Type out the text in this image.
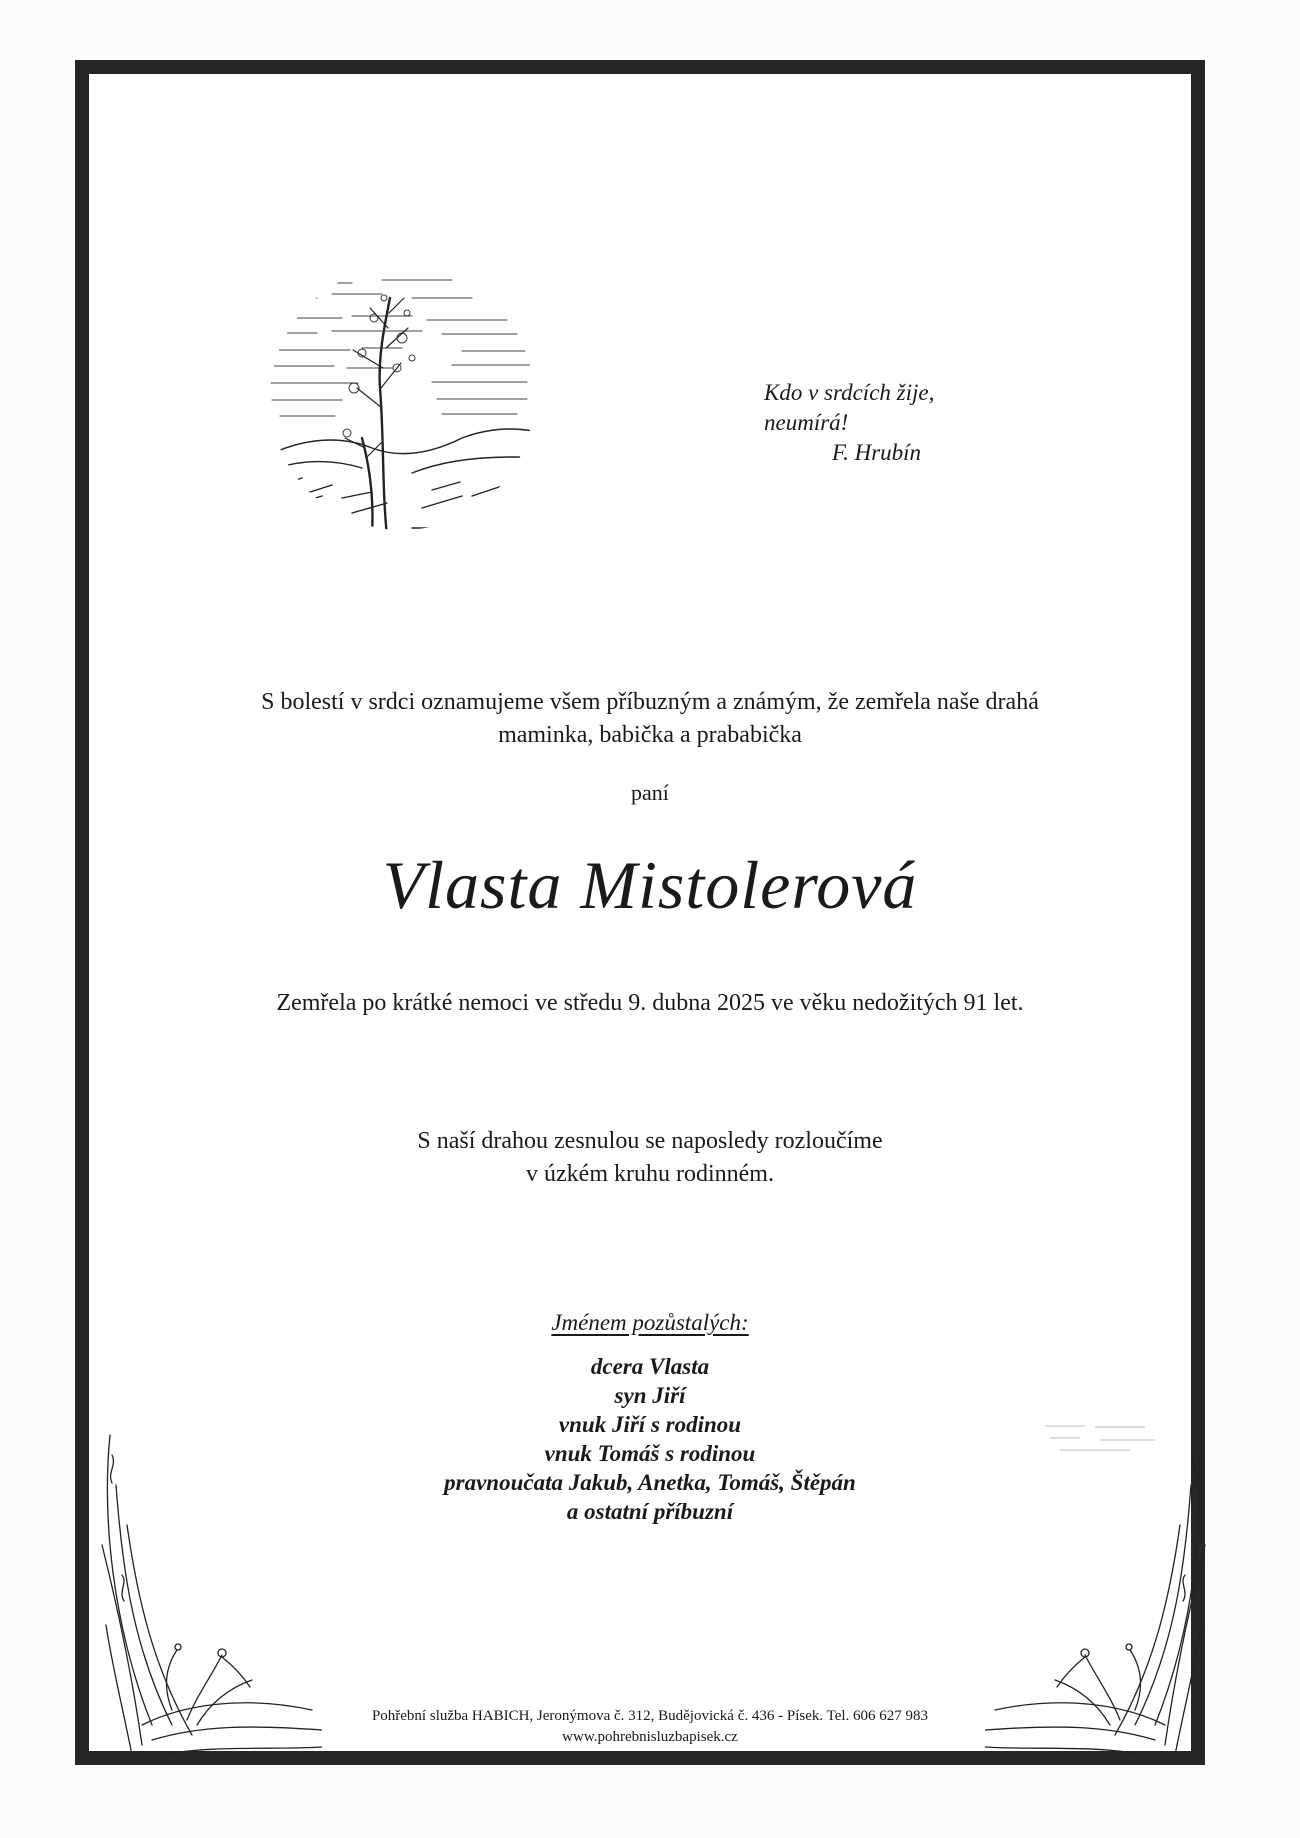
Kdo v srdcích žije,
neumírá!
F. Hrubín
S bolestí v srdci oznamujeme všem příbuzným a známým, že zemřela naše drahá
maminka, babička a prababička
paní
Vlasta Mistolerová
Zemřela po krátké nemoci ve středu 9. dubna 2025 ve věku nedožitých 91 let.
S naší drahou zesnulou se naposledy rozloučíme
v úzkém kruhu rodinném.
Jménem pozůstalých:
dcera Vlasta
syn Jiří
vnuk Jiří s rodinou
vnuk Tomáš s rodinou
pravnoučata Jakub, Anetka, Tomáš, Štěpán
a ostatní příbuzní
Pohřební služba HABICH, Jeronýmova č. 312, Budějovická č. 436 - Písek. Tel. 606 627 983
www.pohrebnisluzbapisek.cz
